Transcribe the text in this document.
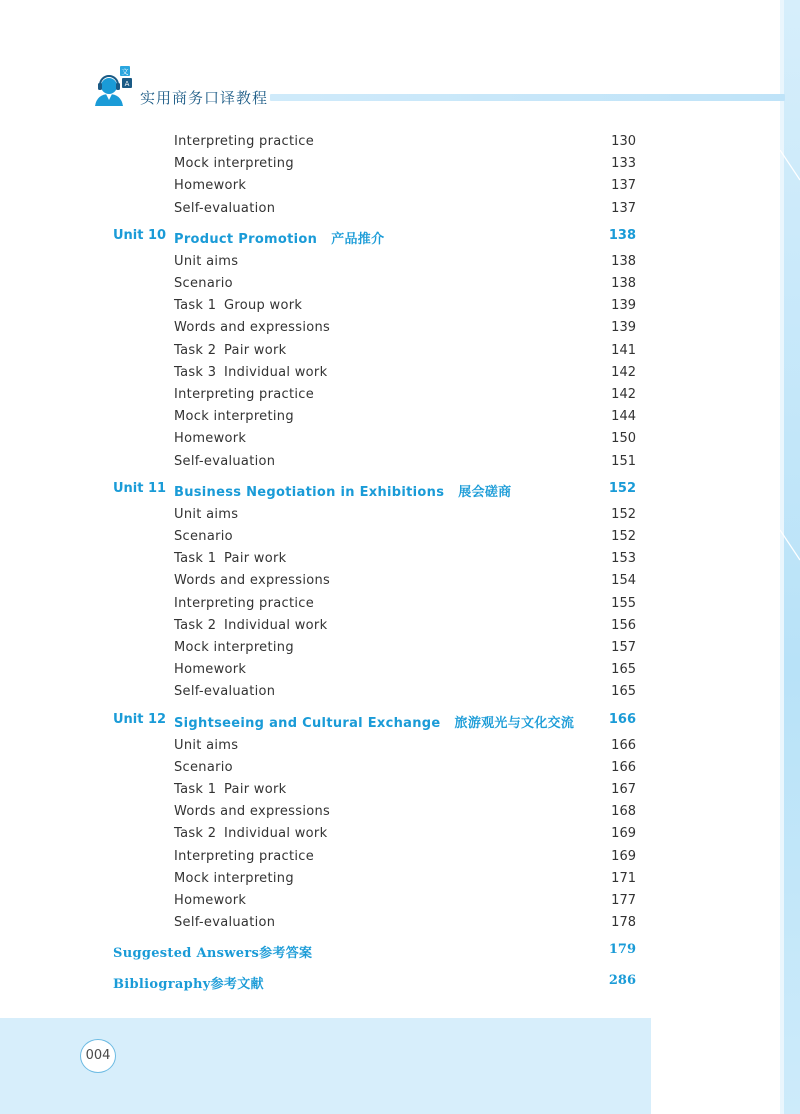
文
A
实用商务口译教程
Interpreting practice	130
Mock interpreting	133
Homework	137
Self-evaluation	137
Unit 10 Product Promotion 产品推介	138
Unit aims	138
Scenario	138
Task 1 Group work	139
Words and expressions	139
Task 2 Pair work	141
Task 3 Individual work	142
Interpreting practice	142
Mock interpreting	144
Homework	150
Self-evaluation	151
Unit 11 Business Negotiation in Exhibitions 展会磋商	152
Unit aims	152
Scenario	152
Task 1 Pair work	153
Words and expressions	154
Interpreting practice	155
Task 2 Individual work	156
Mock interpreting	157
Homework	165
Self-evaluation	165
Unit 12 Sightseeing and Cultural Exchange 旅游观光与文化交流	166
Unit aims	166
Scenario	166
Task 1 Pair work	167
Words and expressions	168
Task 2 Individual work	169
Interpreting practice	169
Mock interpreting	171
Homework	177
Self-evaluation	178
Suggested Answers参考答案	179
Bibliography参考文献	286
004
